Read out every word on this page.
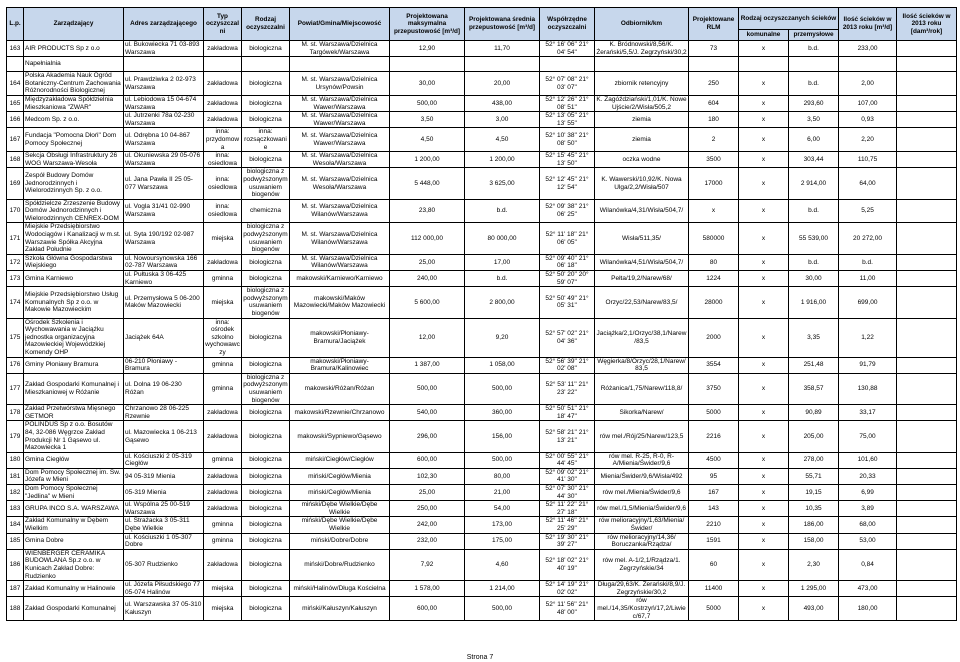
L.p.	Zarządzający	Adres zarządzającego	Typ oczyszczalni	Rodzaj oczyszczalni	Powiat/Gmina/Miejscowość	Projektowana maksymalna przepustowość [m³/d]	Projektowana średnia przepustowość [m³/d]	Współrzędne oczyszczalni	Odbiornik/km	Projektowane RLM	Rodzaj oczyszczanych ścieków		Ilość ścieków w 2013 roku [m³/d]	Ilość ścieków w 2013 roku [dam³/rok]
											komunalne	przemysłowe		
163	AIR PRODUCTS Sp z o.o	ul. Bukowiecka 71 03-893 Warszawa	zakładowa	biologiczna	M. st. Warszawa/Dzielnica Targówek/Warszawa	12,90	11,70	52° 16' 06'' 21° 04' 54''	K. Bródnowski/8,56/K. Żerański/5,5/J. Zegrzyński/30,2	73	x	b.d.	233,00	
	Napełnialnia													
164	Polska Akademia Nauk Ogród Botaniczny-Centrum Zachowania Różnorodności Biologicznej	ul. Prawdziwka 2 02-973 Warszawa	zakładowa	biologiczna	M. st. Warszawa/Dzielnica Ursynów/Powsin	30,00	20,00	52° 07' 08'' 21° 03' 07''	zbiornik retencyjny	250	x	b.d.	2,00	
165	Międzyzakładowa Spółdzielnia Mieszkaniowa "ZWAR"	ul. Lebiodowa 15 04-674 Warszawa	zakładowa	biologiczna	M. st. Warszawa/Dzielnica Wawer/Warszawa	500,00	438,00	52° 12' 26'' 21° 08' 51''	K. Zagóździański/1,01/K. Nowe Ujście/2/Wisła/505,2	604	x	293,60	107,00	
166	Medcom Sp. z o.o.	ul. Jutrzenki 78a 02-230 Warszawa	zakładowa	biologiczna	M. st. Warszawa/Dzielnica Wawer/Warszawa	3,50	3,00	52° 13' 05'' 21° 13' 55''	ziemia	180	x	3,50	0,93	
167	Fundacja "Pomocna Dłoń" Dom Pomocy Społecznej	ul. Odrębna 10 04-867 Warszawa	inna: przydomowa	inna: rozsączkowanie	M. st. Warszawa/Dzielnica Wawer/Warszawa	4,50	4,50	52° 10' 38'' 21° 08' 50''	ziemia	2	x	6,00	2,20	
168	Sekcja Obsługi Infrastruktury 26 WOG Warszawa-Wesoła	ul. Okuniewska 29 05-076 Warszawa	inna: osiedlowa	biologiczna	M. st. Warszawa/Dzielnica Wesoła/Warszawa	1 200,00	1 200,00	52° 15' 45'' 21° 13' 50''	oczka wodne	3500	x	303,44	110,75	
169	Zespół Budowy Domów Jednorodzinnych i Wielorodzinnych Sp. z o.o.	ul. Jana Pawła II 25 05-077 Warszawa	inna: osiedlowa	biologiczna z podwyższonym usuwaniem biogenów	M. st. Warszawa/Dzielnica Wesoła/Warszawa	5 448,00	3 625,00	52° 12' 45'' 21° 12' 54''	K. Wawerski/10,92/K. Nowa Ulga/2,2/Wisła/507	17000	x	2 914,00	64,00	
170	Spółdzielcze Zrzeszenie Budowy Domów Jednorodzinnych i Wielorodzinnych CENREX-DOM	ul. Vogla 31/41 02-990 Warszawa	inna: osiedlowa	chemiczna	M. st. Warszawa/Dzielnica Wilanów/Warszawa	23,80	b.d.	52° 09' 38'' 21° 06' 25''	Wilanówka/4,31/Wisła/504,7/	x	x	b.d.	5,25	
171	Miejskie Przedsiębiorstwo Wodociągów i Kanalizacji w m.st. Warszawie Spółka Akcyjna Zakład Południe	ul. Syta 190/192 02-987 Warszawa	miejska	biologiczna z podwyższonym usuwaniem biogenów	M. st. Warszawa/Dzielnica Wilanów/Warszawa	112 000,00	80 000,00	52° 11' 18'' 21° 06' 05''	Wisła/511,35/	580000	x	55 539,00	20 272,00	
172	Szkoła Główna Gospodarstwa Wiejskiego	ul. Nowoursynowska 166 02-787 Warszawa	zakładowa	biologiczna	M. st. Warszawa/Dzielnica Wilanów/Warszawa	25,00	17,00	52° 09' 40'' 21° 06' 18''	Wilanówka/4,51/Wisła/504,7/	80	x	b.d.	b.d.	
173	Gmina Karniewo	ul. Pułtuska 3 06-425 Karniewo	gminna	biologiczna	makowski/Karniewo/Karniewo	240,00	b.d.	52° 50' 20'' 20° 59' 07''	Pełta/19,2/Narew/68/	1224	x	30,00	11,00	
174	Miejskie Przedsiębiorstwo Usług Komunalnych Sp z o.o. w Makowie Mazowieckim	ul. Przemysłowa 5 06-200 Maków Mazowiecki	miejska	biologiczna z podwyższonym usuwaniem biogenów	makowski/Maków Mazowiecki/Maków Mazowiecki	5 600,00	2 800,00	52° 50' 49'' 21° 05' 31''	Orzyc/22,53/Narew/83,5/	28000	x	1 916,00	699,00	
175	Ośrodek Szkolenia i Wychowawania w Jaciążku jednostka organizacyjna Mazowieckiej Wojewódzkiej Komendy OHP	Jaciążek 64A	inna: ośrodek szkolno wychowawczy	biologiczna	makowski/Płoniawy-Bramura/Jaciążek	12,00	9,20	52° 57' 02'' 21° 04' 36''	Jaciążka/2,1/Orzyc/38,1/Narew/83,5	2000	x	3,35	1,22	
176	Gminy Płoniawy Bramura	06-210 Płoniawy - Bramura	gminna	biologiczna	makowski/Płoniawy-Bramura/Kalinowiec	1 387,00	1 058,00	52° 56' 39'' 21° 02' 08''	Węgierka/8/Orzyc/28,1/Narew/83,5	3554	x	251,48	91,79	
177	Zakład Gospodarki Komunalnej i Mieszkaniowej w Różanie	ul. Dolna 19 06-230 Różan	gminna	biologiczna z podwyższonym usuwaniem biogenów	makowski/Różan/Różan	500,00	500,00	52° 53' 11'' 21° 23' 22''	Różanica/1,75/Narew/118,8/	3750	x	358,57	130,88	
178	Zakład Przetwórstwa Mięsnego GETMOR	Chrzanowo 28 06-225 Rzewnie	zakładowa	biologiczna	makowski/Rzewnie/Chrzanowo	540,00	360,00	52° 50' 51'' 21° 18' 47''	Sikorka/Narew/	5000	x	90,89	33,17	
179	POLINDUS Sp z o.o. Bosutów 84, 32-086 Węgrzce Zakład Produkcji Nr 1 Gąsewo ul. Mazowiecka 1	ul. Mazowiecka 1 06-213 Gąsewo	zakładowa	biologiczna	makowski/Sypniewo/Gąsewo	296,00	156,00	52° 58' 21'' 21° 13' 21''	rów mel./Rój/25/Narew/123,5	2216	x	205,00	75,00	
180	Gmina Ciegłów	ul. Kościuszki 2 05-319 Ciegłów	gminna	biologiczna	miński/Ciegłów/Ciegłów	600,00	500,00	52° 00' 55'' 21° 44' 45''	rów mel. R-25, R-0, R-A/Mienia/Świder/9,6	4500	x	278,00	101,60	
181	Dom Pomocy Społecznej im. Św. Józefa w Mieni	94 05-319 Mienia	zakładowa	biologiczna	miński/Cegłów/Mienia	102,30	80,00	52° 09' 02'' 21° 41' 30''	Mienia/Świder/9,6/Wisła/492	95	x	55,71	20,33	
182	Dom Pomocy Społecznej "Jedlina" w Mieni	05-319 Mienia	zakładowa	biologiczna	miński/Cegłów/Mienia	25,00	21,00	52° 07' 30'' 21° 44' 30''	rów mel./Mienia/Świder/9,6	167	x	19,15	6,99	
183	GRUPA INCO S.A. WARSZAWA	ul. Wspólna 25 00-519 Warszawa	zakładowa	biologiczna	miński/Dębe Wielkie/Dębe Wielkie	250,00	54,00	52° 11' 22'' 21° 27' 18''	rów mel./1,5/Mienia/Świder/9,6	143	x	10,35	3,89	
184	Zakład Komunalny w Dębem Wielkim	ul. Strażacka 3 05-311 Dębe Wielkie	gminna	biologiczna	miński/Dębe Wielkie/Dębe Wielkie	242,00	173,00	52° 11' 46'' 21° 25' 29''	rów melioracyjny/1,63/Mienia/Świder/	2210	x	186,00	68,00	
185	Gmina Dobre	ul. Kościuszki 1 05-307 Dobre	gminna	biologiczna	miński/Dobre/Dobre	232,00	175,00	52° 19' 30'' 21° 39' 27''	rów melioracyjny/14,36/ Boruczanka/Rządza/	1591	x	158,00	53,00	
186	WIENBERGER CERAMIKA BUDOWLANA Sp.z o.o. w Kunicach Zakład Dobre: Rudzienko	05-307 Rudzienko	zakładowa	biologiczna	miński/Dobre/Rudzienko	7,92	4,60	52° 18' 02'' 21° 40' 19''	rów mel. A-1/2,1/Rządza/1. Zegrzyńskie/34	60	x	2,30	0,84	
187	Zakład Komunalny w Halinowie	ul. Józefa Piłsudskiego 77 05-074 Halinów	miejska	biologiczna	miński/Halinów/Długa Kościelna	1 578,00	1 214,00	52° 14' 19'' 21° 02' 02''	Długa/29,63/K. Żerański/8,9/J. Zegrzyńskie/30,2	11400	x	1 295,00	473,00	
188	Zakład Gospodarki Komunalnej	ul. Warszawska 37 05-310 Kałuszyn	miejska	biologiczna	miński/Kałuszyn/Kałuszyn	600,00	500,00	52° 11' 56'' 21° 48' 00''	rów mel./14,35/Kostrzyń/17,2/Liwiec/67,7	5000	x	493,00	180,00	
Strona 7
